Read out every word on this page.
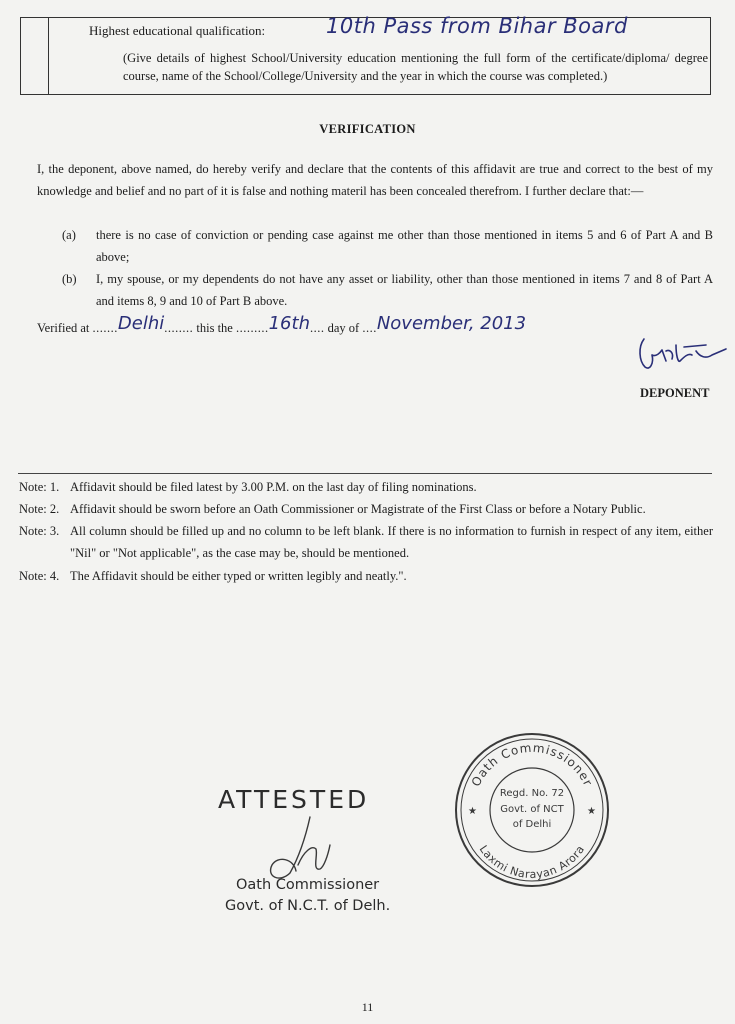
Highest educational qualification:	10th Pass from Bihar Board
(Give details of highest School/University education mentioning the full form of the certificate/diploma/ degree course, name of the School/College/University and the year in which the course was completed.)
VERIFICATION
I, the deponent, above named, do hereby verify and declare that the contents of this affidavit are true and correct to the best of my knowledge and belief and no part of it is false and nothing materil has been concealed therefrom. I further declare that:—
(a) there is no case of conviction or pending case against me other than those mentioned in items 5 and 6 of Part A and B above;
(b) I, my spouse, or my dependents do not have any asset or liability, other than those mentioned in items 7 and 8 of Part A and items 8, 9 and 10 of Part B above.
Verified at .......Delhi........ this the .........16th.... day of ....November, 2013
DEPONENT
Note: 1. Affidavit should be filed latest by 3.00 P.M. on the last day of filing nominations.
Note: 2. Affidavit should be sworn before an Oath Commissioner or Magistrate of the First Class or before a Notary Public.
Note: 3. All column should be filled up and no column to be left blank. If there is no information to furnish in respect of any item, either "Nil" or "Not applicable", as the case may be, should be mentioned.
Note: 4. The Affidavit should be either typed or written legibly and neatly.".
ATTESTED
Oath Commissioner
Govt. of N.C.T. of Delh.
Oath Commissioner
Laxmi Narayan Arora
★	★
Regd. No. 72
Govt. of NCT
of Delhi
11
